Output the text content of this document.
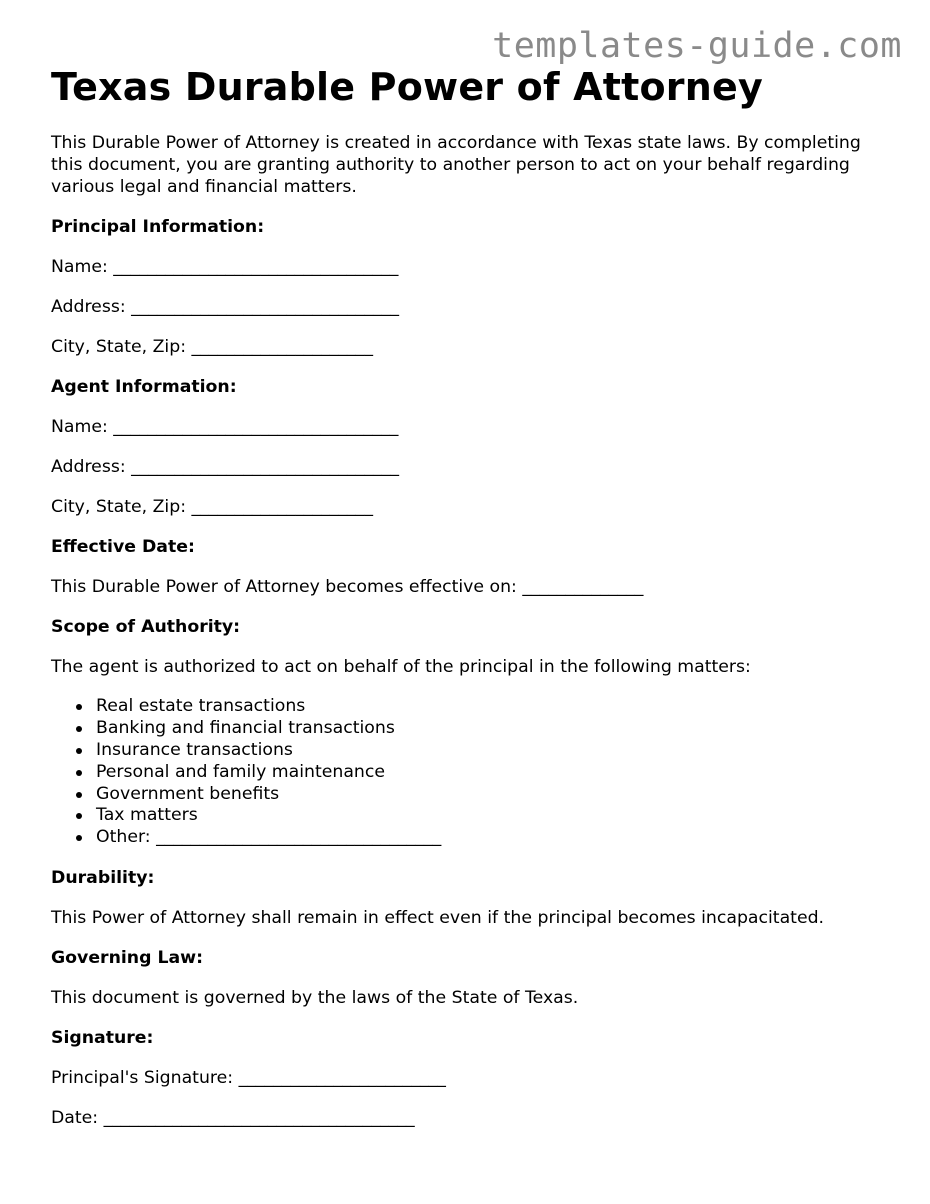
templates-guide.com
Texas Durable Power of Attorney

This Durable Power of Attorney is created in accordance with Texas state laws. By completing this document, you are granting authority to another person to act on your behalf regarding various legal and financial matters.

Principal Information:
Name: _________________________________
Address: _______________________________
City, State, Zip: _____________________
Agent Information:
Name: _________________________________
Address: _______________________________
City, State, Zip: _____________________
Effective Date:
This Durable Power of Attorney becomes effective on: ______________
Scope of Authority:
The agent is authorized to act on behalf of the principal in the following matters:
Real estate transactions
Banking and financial transactions
Insurance transactions
Personal and family maintenance
Government benefits
Tax matters
Other: _________________________________
Durability:
This Power of Attorney shall remain in effect even if the principal becomes incapacitated.
Governing Law:
This document is governed by the laws of the State of Texas.
Signature:
Principal's Signature: ________________________
Date: ____________________________________
